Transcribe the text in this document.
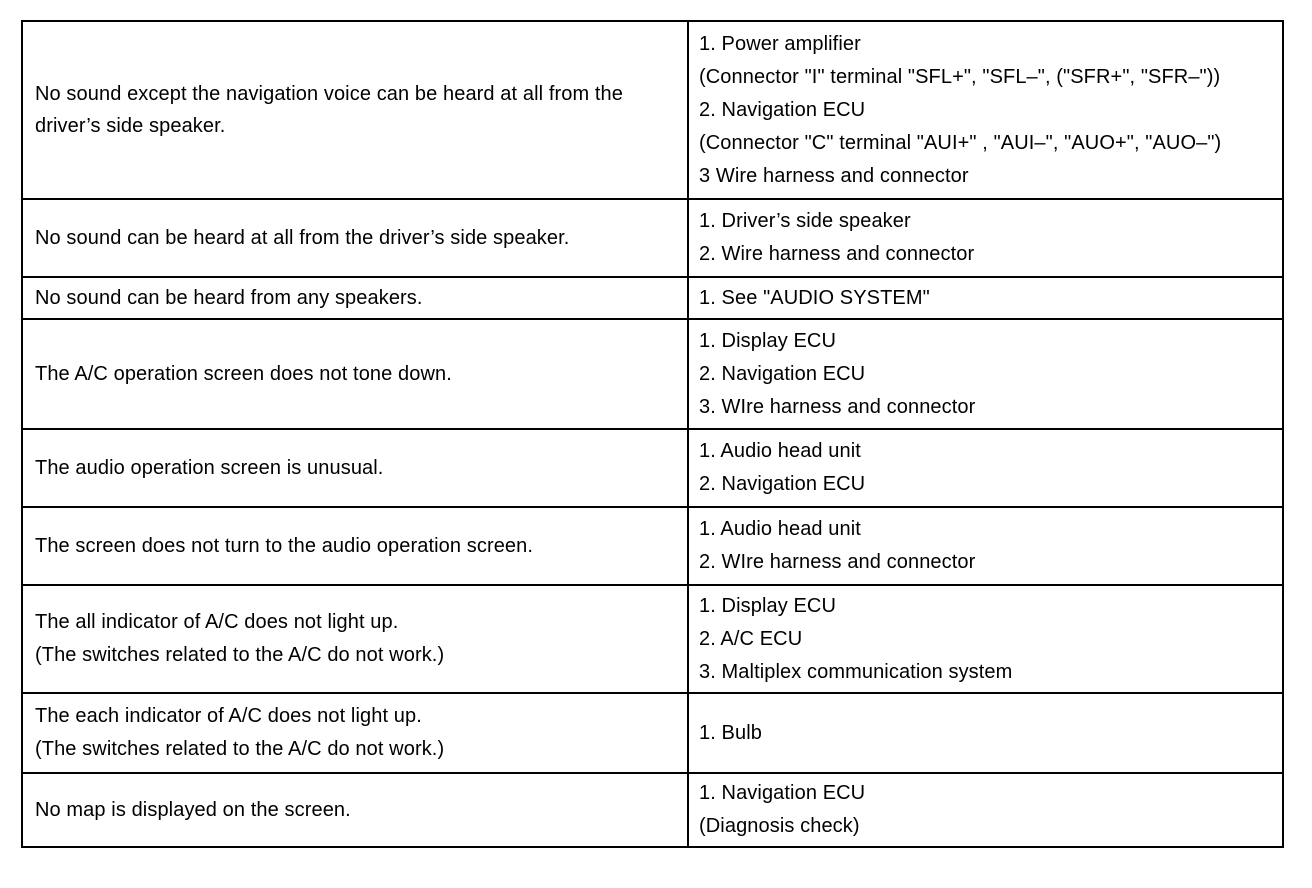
No sound except the navigation voice can be heard at all from the driver’s side speaker.	1. Power amplifier
(Connector "I" terminal "SFL+", "SFL–", ("SFR+", "SFR–"))
2. Navigation ECU
(Connector "C" terminal "AUI+" , "AUI–", "AUO+", "AUO–")
3 Wire harness and connector

No sound can be heard at all from the driver’s side speaker.	1. Driver’s side speaker
2. Wire harness and connector

No sound can be heard from any speakers.	1. See "AUDIO SYSTEM"

The A/C operation screen does not tone down.	1. Display ECU
2. Navigation ECU
3. WIre harness and connector

The audio operation screen is unusual.	1. Audio head unit
2. Navigation ECU

The screen does not turn to the audio operation screen.	1. Audio head unit
2. WIre harness and connector

The all indicator of A/C does not light up.
(The switches related to the A/C do not work.)	1. Display ECU
2. A/C ECU
3. Maltiplex communication system

The each indicator of A/C does not light up.
(The switches related to the A/C do not work.)	1. Bulb

No map is displayed on the screen.	1. Navigation ECU
(Diagnosis check)
